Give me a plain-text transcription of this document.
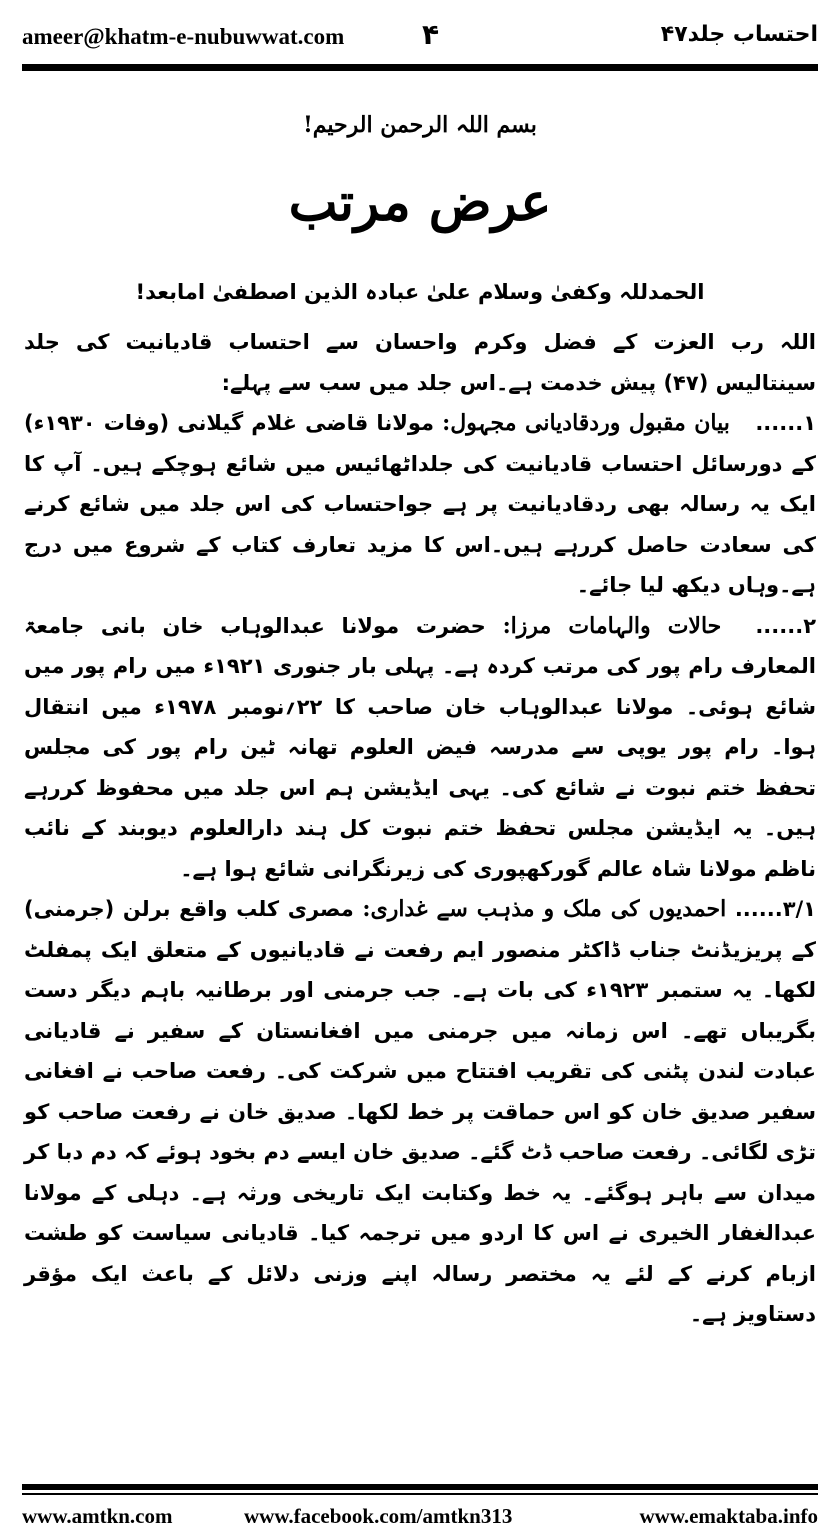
ameer@khatm-e-nubuwwat.com	۴	احتساب جلد۴۷
بسم اللہ الرحمن الرحیم!
عرض مرتب
الحمدللہ وکفیٰ وسلام علیٰ عبادہ الذین اصطفیٰ امابعد!

اللہ رب العزت کے فضل وکرم واحسان سے احتساب قادیانیت کی جلد سینتالیس (۴۷) پیش خدمت ہے۔اس جلد میں سب سے پہلے:

۱...... بیان مقبول وردقادیانی مجہول: مولانا قاضی غلام گیلانی (وفات ۱۹۳۰ء) کے دورسائل احتساب قادیانیت کی جلداٹھائیس میں شائع ہوچکے ہیں۔ آپ کا ایک یہ رسالہ بھی ردقادیانیت پر ہے جواحتساب کی اس جلد میں شائع کرنے کی سعادت حاصل کررہے ہیں۔اس کا مزید تعارف کتاب کے شروع میں درج ہے۔وہاں دیکھ لیا جائے۔

۲...... حالات والہامات مرزا: حضرت مولانا عبدالوہاب خان بانی جامعۃ المعارف رام پور کی مرتب کردہ ہے۔ پہلی بار جنوری ۱۹۲۱ء میں رام پور میں شائع ہوئی۔ مولانا عبدالوہاب خان صاحب کا ۲۲؍نومبر ۱۹۷۸ء میں انتقال ہوا۔ رام پور یوپی سے مدرسہ فیض العلوم تھانہ ٹین رام پور کی مجلس تحفظ ختم نبوت نے شائع کی۔ یہی ایڈیشن ہم اس جلد میں محفوظ کررہے ہیں۔ یہ ایڈیشن مجلس تحفظ ختم نبوت کل ہند دارالعلوم دیوبند کے نائب ناظم مولانا شاہ عالم گورکھپوری کی زیرنگرانی شائع ہوا ہے۔

۳/۱...... احمدیوں کی ملک و مذہب سے غداری: مصری کلب واقع برلن (جرمنی) کے پریزیڈنٹ جناب ڈاکٹر منصور ایم رفعت نے قادیانیوں کے متعلق ایک پمفلٹ لکھا۔ یہ ستمبر ۱۹۲۳ء کی بات ہے۔ جب جرمنی اور برطانیہ باہم دیگر دست بگریباں تھے۔ اس زمانہ میں جرمنی میں افغانستان کے سفیر نے قادیانی عبادت لندن پٹنی کی تقریب افتتاح میں شرکت کی۔ رفعت صاحب نے افغانی سفیر صدیق خان کو اس حماقت پر خط لکھا۔ صدیق خان نے رفعت صاحب کو تڑی لگائی۔ رفعت صاحب ڈٹ گئے۔ صدیق خان ایسے دم بخود ہوئے کہ دم دبا کر میدان سے باہر ہوگئے۔ یہ خط وکتابت ایک تاریخی ورثہ ہے۔ دہلی کے مولانا عبدالغفار الخیری نے اس کا اردو میں ترجمہ کیا۔ قادیانی سیاست کو طشت ازبام کرنے کے لئے یہ مختصر رسالہ اپنے وزنی دلائل کے باعث ایک مؤقر دستاویز ہے۔

www.amtkn.com	www.facebook.com/amtkn313	www.emaktaba.info
